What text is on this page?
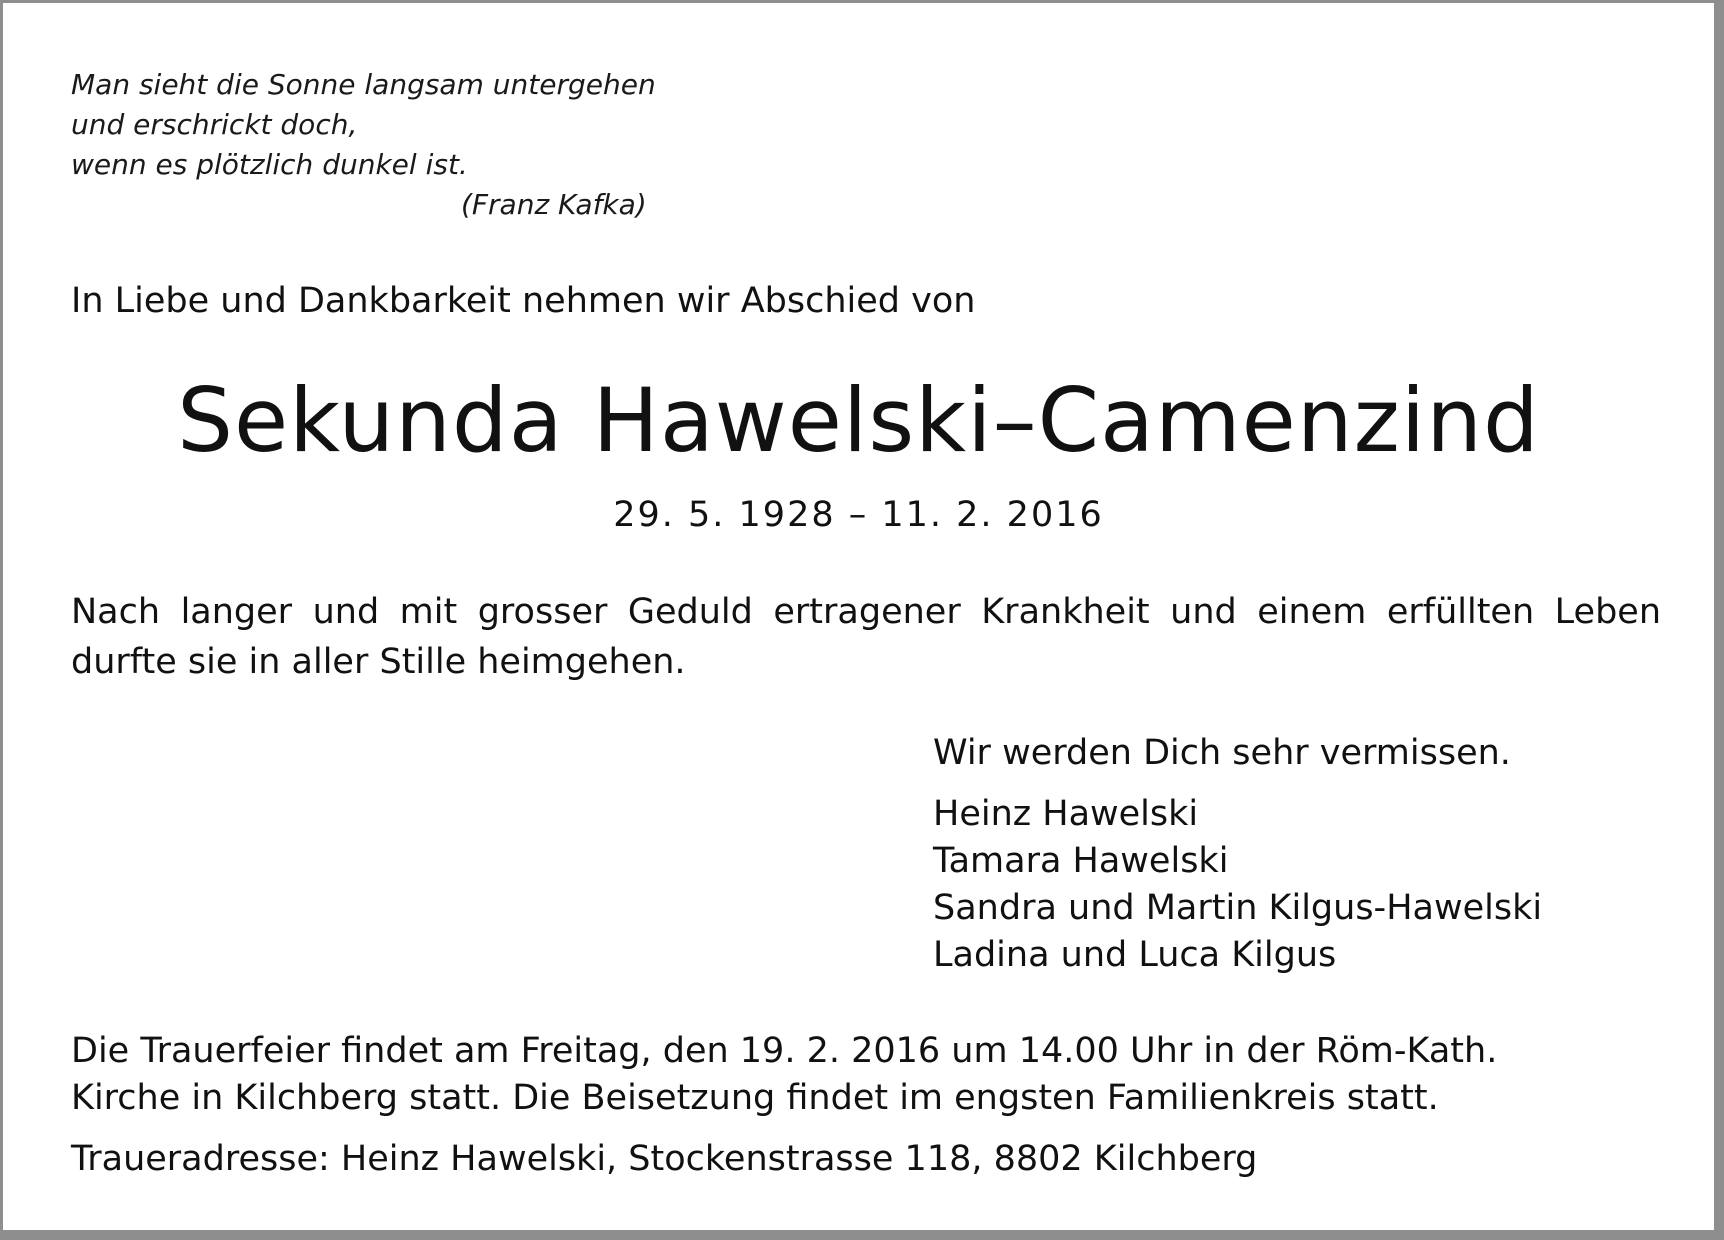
Man sieht die Sonne langsam untergehen
und erschrickt doch,
wenn es plötzlich dunkel ist.
(Franz Kafka)
In Liebe und Dankbarkeit nehmen wir Abschied von
Sekunda Hawelski–Camenzind
29. 5. 1928 – 11. 2. 2016
Nach langer und mit grosser Geduld ertragener Krankheit und einem erfüllten Leben
durfte sie in aller Stille heimgehen.
Wir werden Dich sehr vermissen.
Heinz Hawelski
Tamara Hawelski
Sandra und Martin Kilgus-Hawelski
Ladina und Luca Kilgus
Die Trauerfeier findet am Freitag, den 19. 2. 2016 um 14.00 Uhr in der Röm-Kath.
Kirche in Kilchberg statt. Die Beisetzung findet im engsten Familienkreis statt.
Traueradresse: Heinz Hawelski, Stockenstrasse 118, 8802 Kilchberg
